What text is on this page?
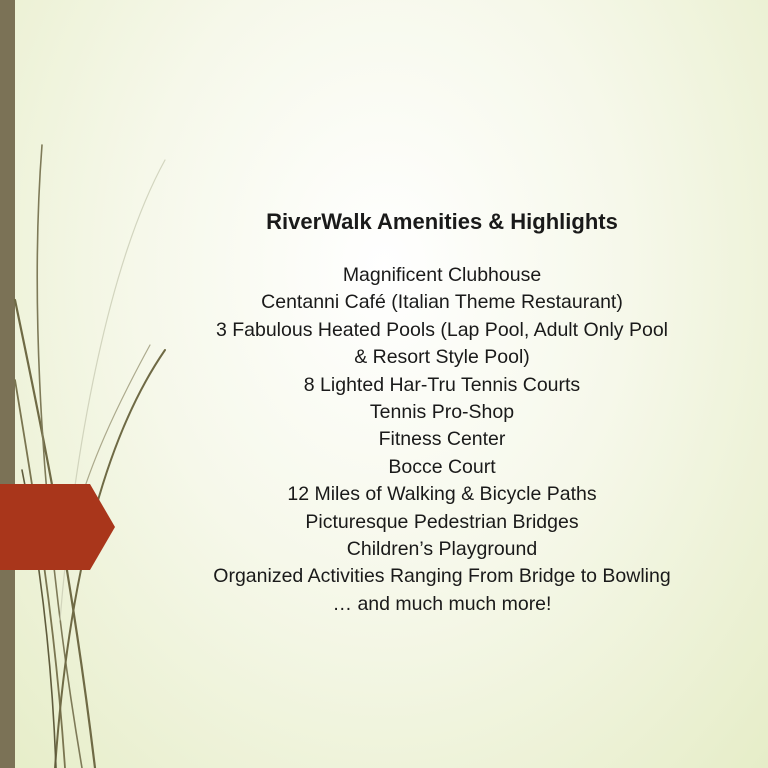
RiverWalk Amenities & Highlights
Magnificent Clubhouse
Centanni Café (Italian Theme Restaurant)
3 Fabulous Heated Pools (Lap Pool, Adult Only Pool
& Resort Style Pool)
8 Lighted Har-Tru Tennis Courts
Tennis Pro-Shop
Fitness Center
Bocce Court
12 Miles of Walking & Bicycle Paths
Picturesque Pedestrian Bridges
Children’s Playground
Organized Activities Ranging From Bridge to Bowling
… and much much more!
